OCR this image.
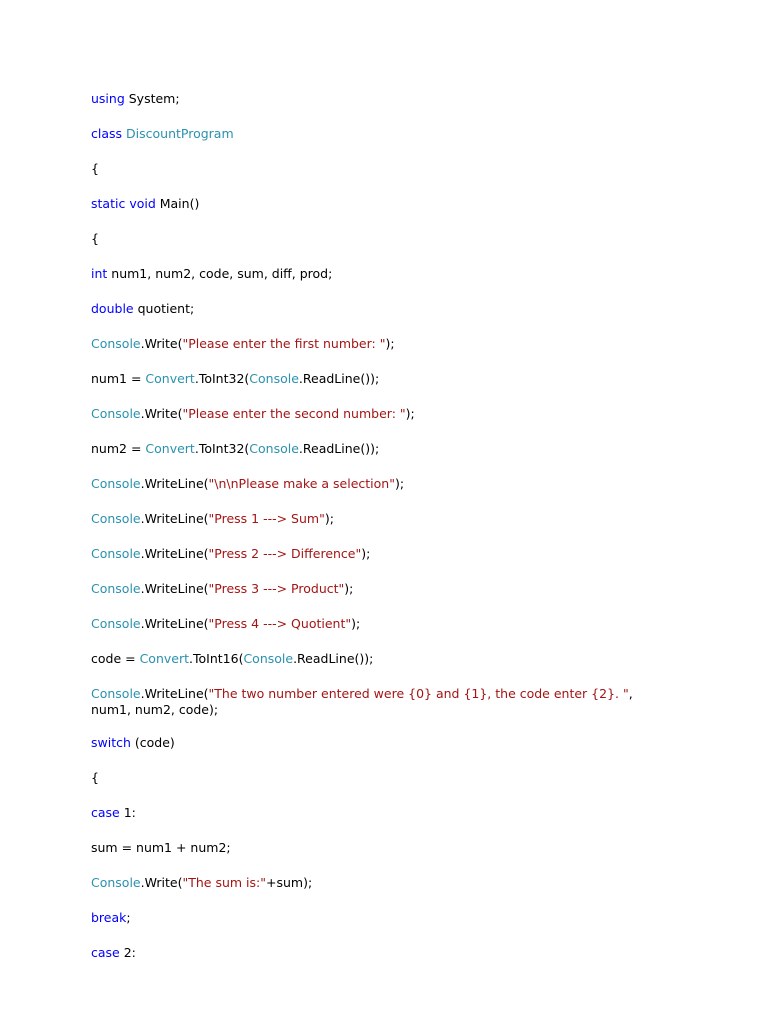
using System;
class DiscountProgram
{
static void Main()
{
int num1, num2, code, sum, diff, prod;
double quotient;
Console.Write("Please enter the first number: ");
num1 = Convert.ToInt32(Console.ReadLine());
Console.Write("Please enter the second number: ");
num2 = Convert.ToInt32(Console.ReadLine());
Console.WriteLine("\n\nPlease make a selection");
Console.WriteLine("Press 1 ---> Sum");
Console.WriteLine("Press 2 ---> Difference");
Console.WriteLine("Press 3 ---> Product");
Console.WriteLine("Press 4 ---> Quotient");
code = Convert.ToInt16(Console.ReadLine());
Console.WriteLine("The two number entered were {0} and {1}, the code enter {2}. ",
num1, num2, code);
switch (code)
{
case 1:
sum = num1 + num2;
Console.Write("The sum is:"+sum);
break;
case 2:
